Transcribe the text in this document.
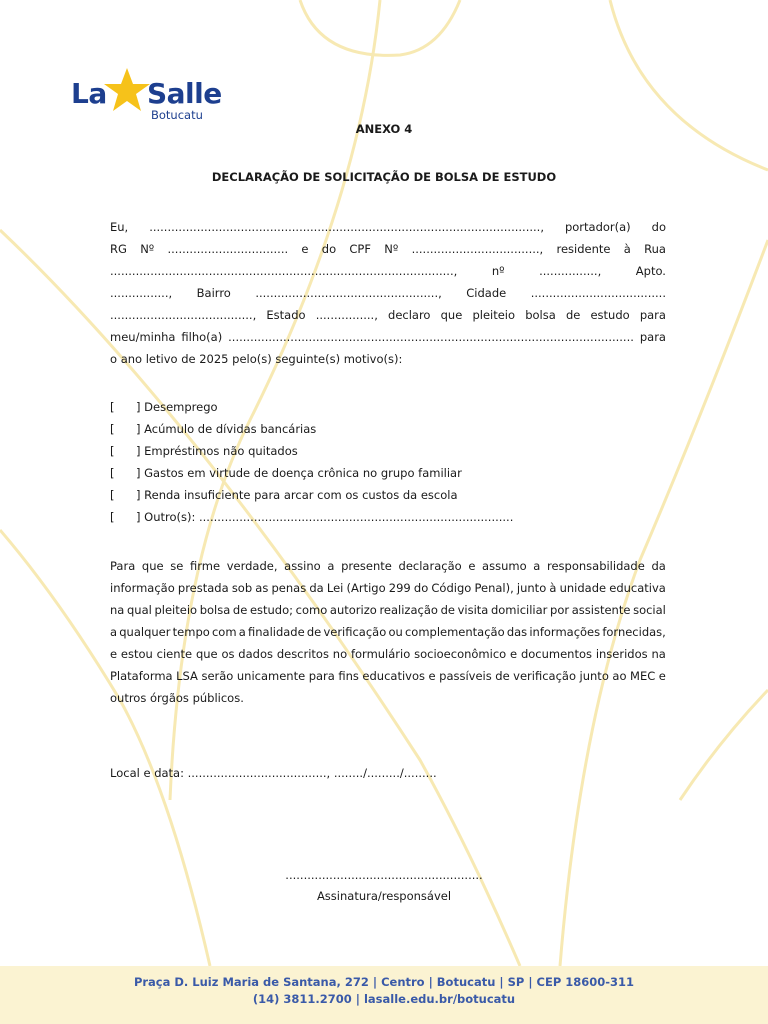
La Salle
Botucatu
ANEXO 4
DECLARAÇÃO DE SOLICITAÇÃO DE BOLSA DE ESTUDO
Eu, ..........................................................................................................., portador(a) do
RG Nº ................................. e do CPF Nº ..................................., residente à Rua
..............................................................................................,	nº	................,	Apto.
................, Bairro .................................................., Cidade .....................................
......................................., Estado ................, declaro que pleiteio bolsa de estudo para
meu/minha filho(a) ............................................................................................................... para
o ano letivo de 2025 pelo(s) seguinte(s) motivo(s):
[ ] Desemprego
[ ] Acúmulo de dívidas bancárias
[ ] Empréstimos não quitados
[ ] Gastos em virtude de doença crônica no grupo familiar
[ ] Renda insuficiente para arcar com os custos da escola
[ ] Outro(s): ......................................................................................
Para que se firme verdade, assino a presente declaração e assumo a responsabilidade da
informação prestada sob as penas da Lei (Artigo 299 do Código Penal), junto à unidade educativa
na qual pleiteio bolsa de estudo; como autorizo realização de visita domiciliar por assistente social
a qualquer tempo com a finalidade de verificação ou complementação das informações fornecidas,
e estou ciente que os dados descritos no formulário socioeconômico e documentos inseridos na
Plataforma LSA serão unicamente para fins educativos e passíveis de verificação junto ao MEC e
outros órgãos públicos.
Local e data: ......................................, ......../........./.........
......................................................
Assinatura/responsável
Praça D. Luiz Maria de Santana, 272 | Centro | Botucatu | SP | CEP 18600-311
(14) 3811.2700 | lasalle.edu.br/botucatu
